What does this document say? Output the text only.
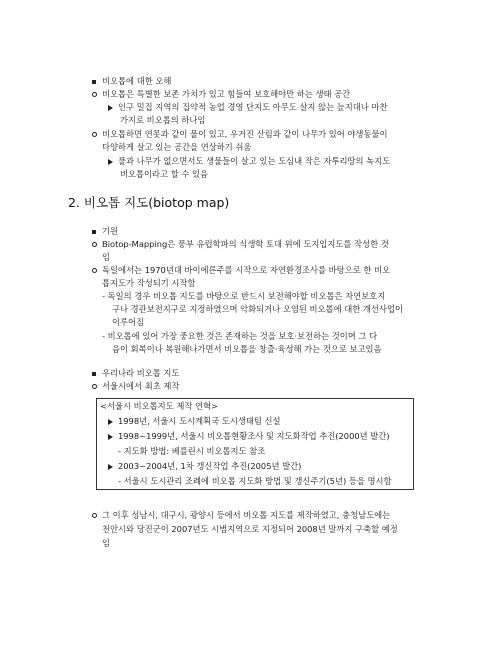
비오톱에 대한 오해
비오톱은 특별한 보존 가치가 있고 힘들여 보호해야만 하는 생태 공간
인구 밀집 지역의 집약적 농업 경영 단지도 아무도 살지 않는 늪지대나 마찬
가지로 비오톱의 하나임
비오톱하면 연못과 같이 물이 있고, 우거진 산림과 같이 나무가 있어 야생동물이
다양하게 살고 있는 공간을 연상하기 쉬움
풀과 나무가 없으면서도 생물들이 살고 있는 도심내 작은 자투리땅의 녹지도
비오톱이라고 할 수 있음
2. 비오톱 지도(biotop map)
기원
Biotop-Mapping은 풍부 유럽학파의 식생학 토대 위에 도지입지도를 작성한 것
임
독일에서는 1970년대 바이에른주를 시작으로 자연환경조사를 바탕으로 한 비오
톱지도가 작성되기 시작함
- 독일의 경우 비오톱 지도를 바탕으로 반드시 보전해야할 비오톱은 자연보호지
구나 경관보전지구로 지정하였으며 악화되거나 오염된 비오톱에 대한 개선사업이
이루어짐
- 비오톱에 있어 가장 중요한 것은 존재하는 것을 보호·보전하는 것이며 그 다
음이 회복이나 복원해나가면서 비오톱을 창출·육성해 가는 것으로 보고있음
우리나라 비오톱 지도
서울시에서 최초 제작
<서울시 비오톱지도 제작 연혁>
1998년, 서울시 도시계획국 도시생태팀 신설
1998~1999년, 서울시 비오톱현황조사 및 지도화작업 추진(2000년 발간)
- 지도화 방법: 베를린시 비오톱지도 참조
2003~2004년, 1차 갱신작업 추진(2005년 발간)
- 서울시 도시관리 조례에 비오톱 지도화 방법 및 갱신주기(5년) 등을 명시함
그 이후 성남시, 대구시, 광양시 등에서 비오톱 지도를 제작하였고, 충청남도에는
천안시와 당진군이 2007년도 시범지역으로 지정되어 2008년 말까지 구축할 예정
임
